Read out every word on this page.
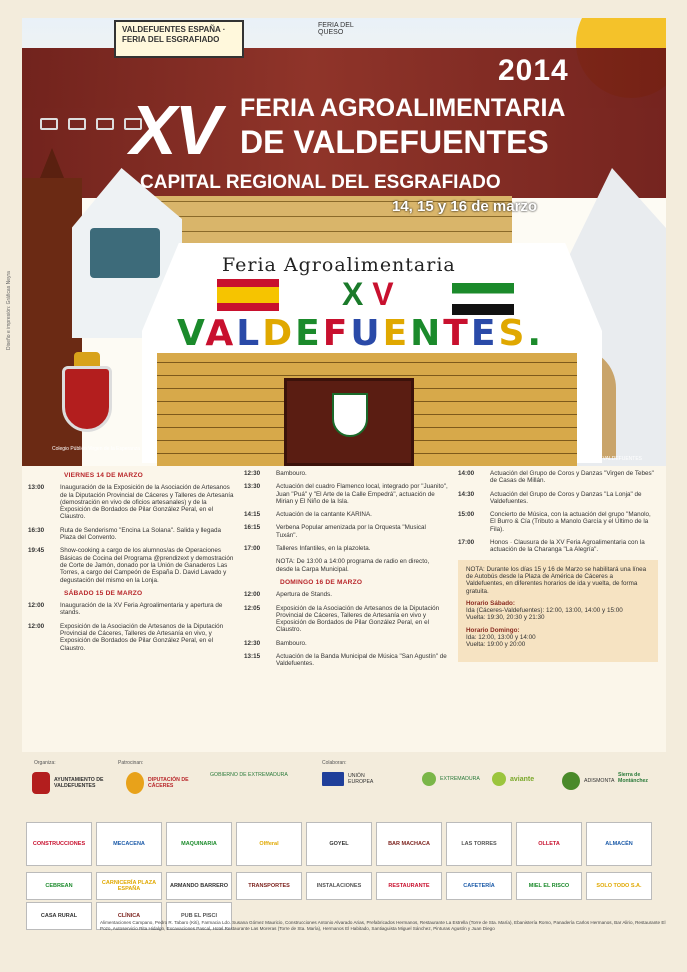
VALDEFUENTES ESPAÑA · FERIA DEL ESGRAFIADO
FERIA DEL QUESO
2014
XV FERIA AGROALIMENTARIA
DE VALDEFUENTES
CAPITAL REGIONAL DEL ESGRAFIADO
14, 15 y 16 de marzo
Feria Agroalimentaria
X V
VALDEFUENTES.
Colegio Público Virgen de la Esperanza
AYTO. VALDEFUENTES
Diseño e impresión: Gráficas Neyra
VIERNES 14 DE MARZO
13:00	Inauguración de la Exposición de la Asociación de Artesanos de la Diputación Provincial de Cáceres y Talleres de Artesanía (demostración en vivo de oficios artesanales) y de la Exposición de Bordados de Pilar González Peral, en el Claustro.
16:30	Ruta de Senderismo "Encina La Solana". Salida y llegada Plaza del Convento.
19:45	Show-cooking a cargo de los alumnos/as de Operaciones Básicas de Cocina del Programa @prendizext y demostración de Corte de Jamón, donado por la Unión de Ganaderos Las Torres, a cargo del Campeón de España D. David Lavado y degustación del mismo en la Lonja.
SÁBADO 15 DE MARZO
12:00	Inauguración de la XV Feria Agroalimentaria y apertura de stands.
12:00	Exposición de la Asociación de Artesanos de la Diputación Provincial de Cáceres, Talleres de Artesanía en vivo, y Exposición de Bordados de Pilar González Peral, en el Claustro.
12:30	Bambouro.
13:30	Actuación del cuadro Flamenco local, integrado por "Juanito", Juan "Puá" y "El Arte de la Calle Empedrá", actuación de Mirian y El Niño de la Isla.
14:15	Actuación de la cantante KARINA.
16:15	Verbena Popular amenizada por la Orquesta "Musical Tuxán".
17:00	Talleres Infantiles, en la plazoleta.
NOTA: De 13:00 a 14:00 programa de radio en directo, desde la Carpa Municipal.
DOMINGO 16 DE MARZO
12:00	Apertura de Stands.
12:05	Exposición de la Asociación de Artesanos de la Diputación Provincial de Cáceres, Talleres de Artesanía en vivo y Exposición de Bordados de Pilar González Peral, en el Claustro.
12:30	Bambouro.
13:15	Actuación de la Banda Municipal de Música "San Agustín" de Valdefuentes.
14:00	Actuación del Grupo de Coros y Danzas "Virgen de Tebes" de Casas de Millán.
14:30	Actuación del Grupo de Coros y Danzas "La Lonja" de Valdefuentes.
15:00	Concierto de Música, con la actuación del grupo "Manolo, El Burro & Cía (Tributo a Manolo García y el Último de la Fila).
17:00	Honos · Clausura de la XV Feria Agroalimentaria con la actuación de la Charanga "La Alegría".

NOTA: Durante los días 15 y 16 de Marzo se habilitará una línea de Autobús desde la Plaza de América de Cáceres a Valdefuentes, en diferentes horarios de ida y vuelta, de forma gratuita.

Horario Sábado:
Ida (Cáceres-Valdefuentes): 12:00, 13:00, 14:00 y 15:00
Vuelta: 19:30, 20:30 y 21:30

Horario Domingo:
Ida: 12:00, 13:00 y 14:00
Vuelta: 19:00 y 20:00

Organiza:	Patrocinan:	Colaboran:
AYUNTAMIENTO DE VALDEFUENTES
DIPUTACIÓN DE CÁCERES
GOBIERNO DE EXTREMADURA	UNIÓN EUROPEA	EXTREMADURA	aviante	ADISMONTA
Sierra de Montánchez
CONSTRUCCIONES	MECACENA	MAQUINARIA	Olfferal	GOYEL	BAR MACHACA	LAS TORRES	OLLETA	ALMACÉN
CEBREAN	CARNICERÍA PLAZA ESPAÑA	ARMANDO BARRERO	TRANSPORTES	INSTALACIONES	RESTAURANTE	CAFETERÍA	MIEL EL RISCO	SOLO TODO S.A.
CASA RURAL	CLÍNICA	PUB EL PISCI
Alimentaciones Campano, Pedro R. Tabaro (Kiti), Farmacia Ldo. Susana Gómez Mauricio, Construcciones Antonio Alvarado Arias, Prefabricados Hermanos, Restaurante La Estrella (Torre de Sta. María), Ebanistería Romo, Panadería Carlos Hermanos, Bar Alirio, Restaurante El Pozo, Autoservicio Rita Hidalgo, Excavaciones Pascal, Hotel Restaurante Las Moreras (Torre de Sta. María), Hermanos El Habitado, Santiaguista Miguel Sánchez, Pinturas Agustín y Juan Diego
